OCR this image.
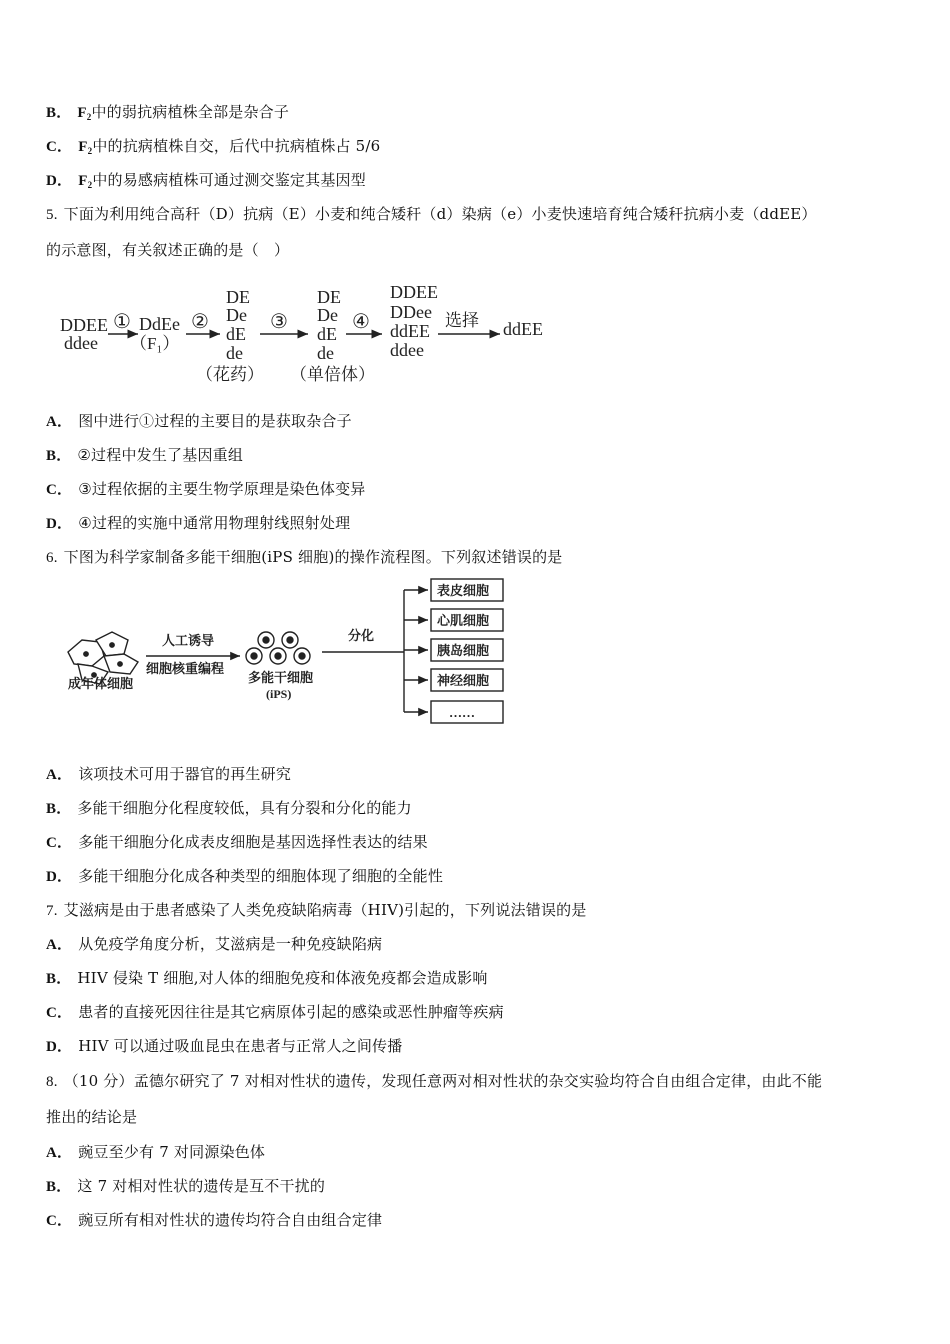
B． $F_2$中的弱抗病植株全部是杂合子
C． $F_2$中的抗病植株自交，后代中抗病植株占 5/6
D． $F_2$中的易感病植株可通过测交鉴定其基因型
5. 下面为利用纯合高秆（D）抗病（E）小麦和纯合矮秆（d）染病（e）小麦快速培育纯合矮秆抗病小麦（ddEE）
的示意图，有关叙述正确的是（　）
DDEE
ddee
① DdEe
（F₁）
②
DE
De
dE
de
（花药）
③
DE
De
dE
de
（单倍体）
④
DDEE
DDee
ddEE
ddee
选择 ddEE
A． 图中进行①过程的主要目的是获取杂合子
B． ②过程中发生了基因重组
C． ③过程依据的主要生物学原理是染色体变异
D． ④过程的实施中通常用物理射线照射处理
6. 下图为科学家制备多能干细胞(iPS 细胞)的操作流程图。下列叙述错误的是
成年体细胞
人工诱导
细胞核重编程
多能干细胞
(iPS)
分化
表皮细胞
心肌细胞
胰岛细胞
神经细胞
……
A． 该项技术可用于器官的再生研究
B． 多能干细胞分化程度较低，具有分裂和分化的能力
C． 多能干细胞分化成表皮细胞是基因选择性表达的结果
D． 多能干细胞分化成各种类型的细胞体现了细胞的全能性
7. 艾滋病是由于患者感染了人类免疫缺陷病毒（HIV)引起的，下列说法错误的是
A． 从免疫学角度分析，艾滋病是一种免疫缺陷病
B． HIV 侵染 T 细胞,对人体的细胞免疫和体液免疫都会造成影响
C． 患者的直接死因往往是其它病原体引起的感染或恶性肿瘤等疾病
D． HIV 可以通过吸血昆虫在患者与正常人之间传播
8. （10 分）孟德尔研究了 7 对相对性状的遗传，发现任意两对相对性状的杂交实验均符合自由组合定律，由此不能
推出的结论是
A． 豌豆至少有 7 对同源染色体
B． 这 7 对相对性状的遗传是互不干扰的
C． 豌豆所有相对性状的遗传均符合自由组合定律
